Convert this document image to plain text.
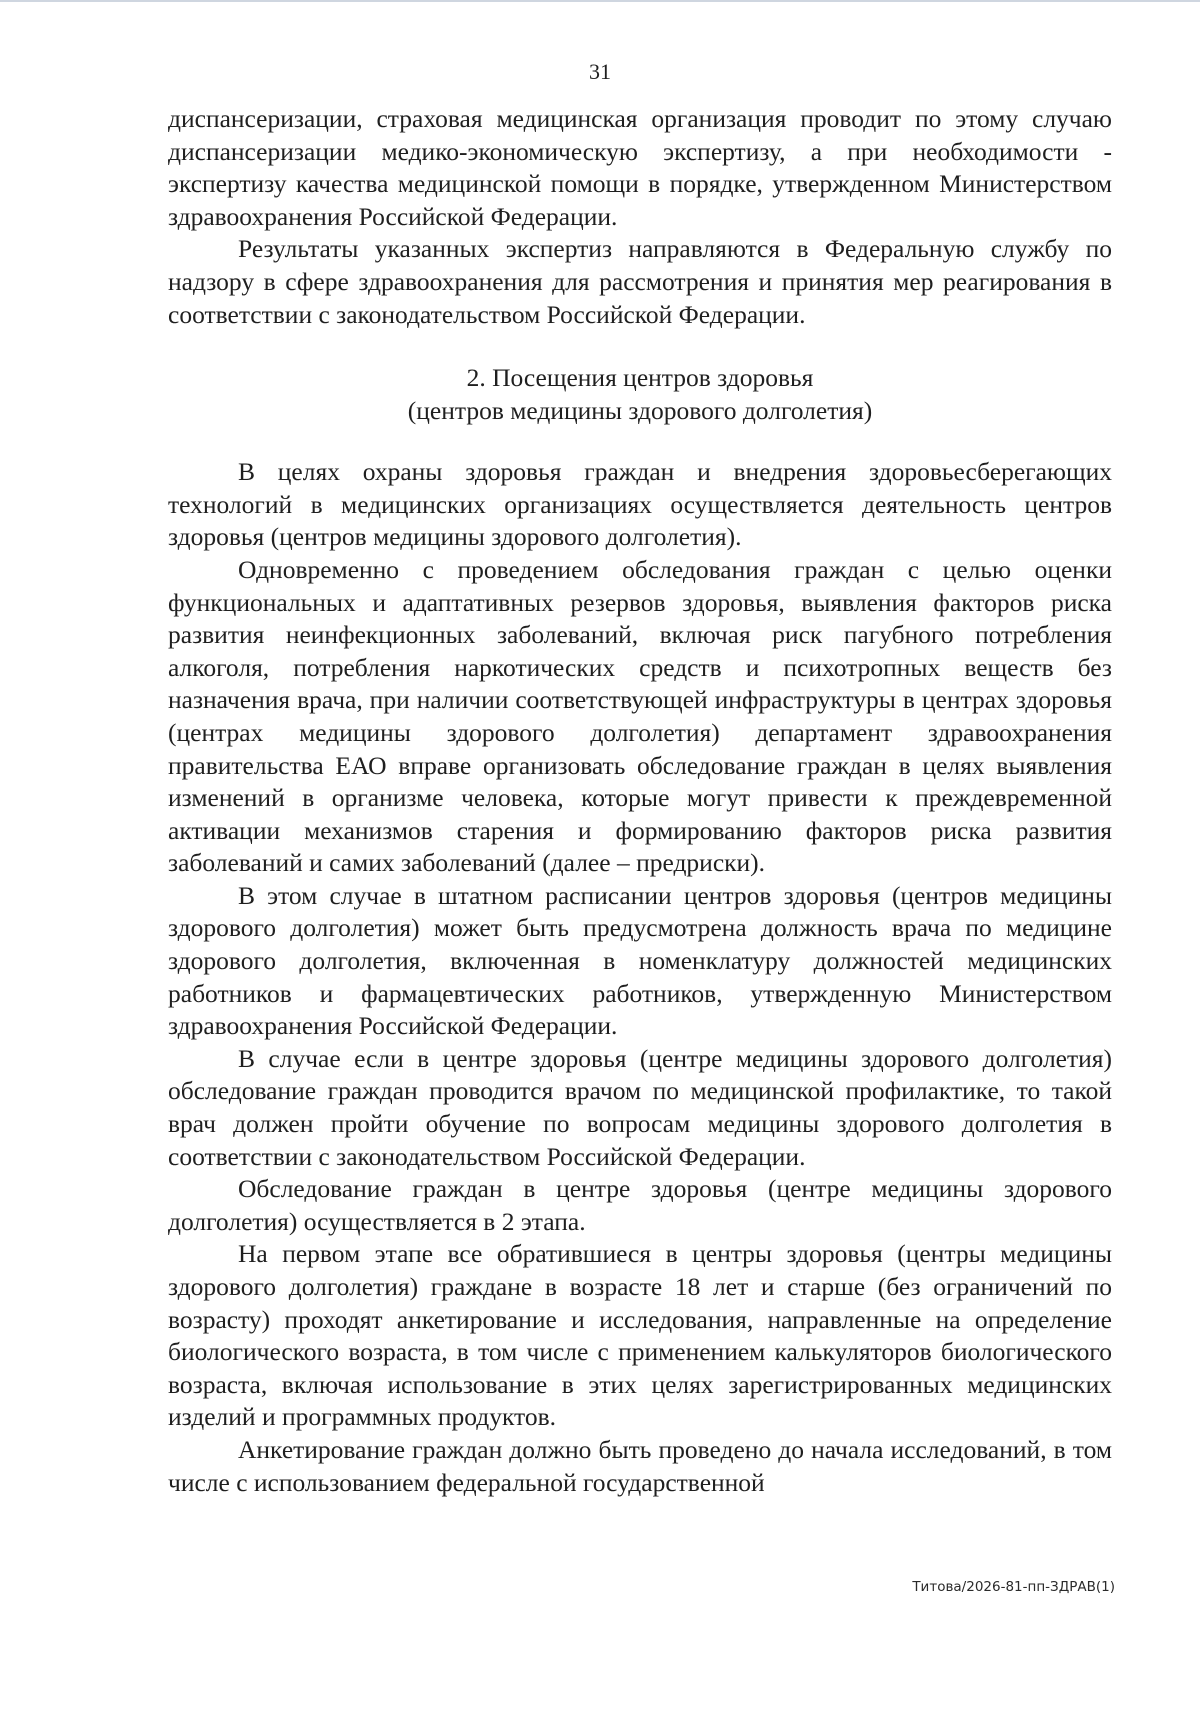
31

диспансеризации, страховая медицинская организация проводит по этому случаю диспансеризации медико-экономическую экспертизу, а при необходимости - экспертизу качества медицинской помощи в порядке, утвержденном Министерством здравоохранения Российской Федерации.

Результаты указанных экспертиз направляются в Федеральную службу по надзору в сфере здравоохранения для рассмотрения и принятия мер реагирования в соответствии с законодательством Российской Федерации.

2. Посещения центров здоровья
(центров медицины здорового долголетия)

В целях охраны здоровья граждан и внедрения здоровьесберегающих технологий в медицинских организациях осуществляется деятельность центров здоровья (центров медицины здорового долголетия).

Одновременно с проведением обследования граждан с целью оценки функциональных и адаптативных резервов здоровья, выявления факторов риска развития неинфекционных заболеваний, включая риск пагубного потребления алкоголя, потребления наркотических средств и психотропных веществ без назначения врача, при наличии соответствующей инфраструктуры в центрах здоровья (центрах медицины здорового долголетия) департамент здравоохранения правительства ЕАО вправе организовать обследование граждан в целях выявления изменений в организме человека, которые могут привести к преждевременной активации механизмов старения и формированию факторов риска развития заболеваний и самих заболеваний (далее – предриски).

В этом случае в штатном расписании центров здоровья (центров медицины здорового долголетия) может быть предусмотрена должность врача по медицине здорового долголетия, включенная в номенклатуру должностей медицинских работников и фармацевтических работников, утвержденную Министерством здравоохранения Российской Федерации.

В случае если в центре здоровья (центре медицины здорового долголетия) обследование граждан проводится врачом по медицинской профилактике, то такой врач должен пройти обучение по вопросам медицины здорового долголетия в соответствии с законодательством Российской Федерации.

Обследование граждан в центре здоровья (центре медицины здорового долголетия) осуществляется в 2 этапа.

На первом этапе все обратившиеся в центры здоровья (центры медицины здорового долголетия) граждане в возрасте 18 лет и старше (без ограничений по возрасту) проходят анкетирование и исследования, направленные на определение биологического возраста, в том числе с применением калькуляторов биологического возраста, включая использование в этих целях зарегистрированных медицинских изделий и программных продуктов.

Анкетирование граждан должно быть проведено до начала исследований, в том числе с использованием федеральной государственной

Титова/2026-81-пп-ЗДРАВ(1)
